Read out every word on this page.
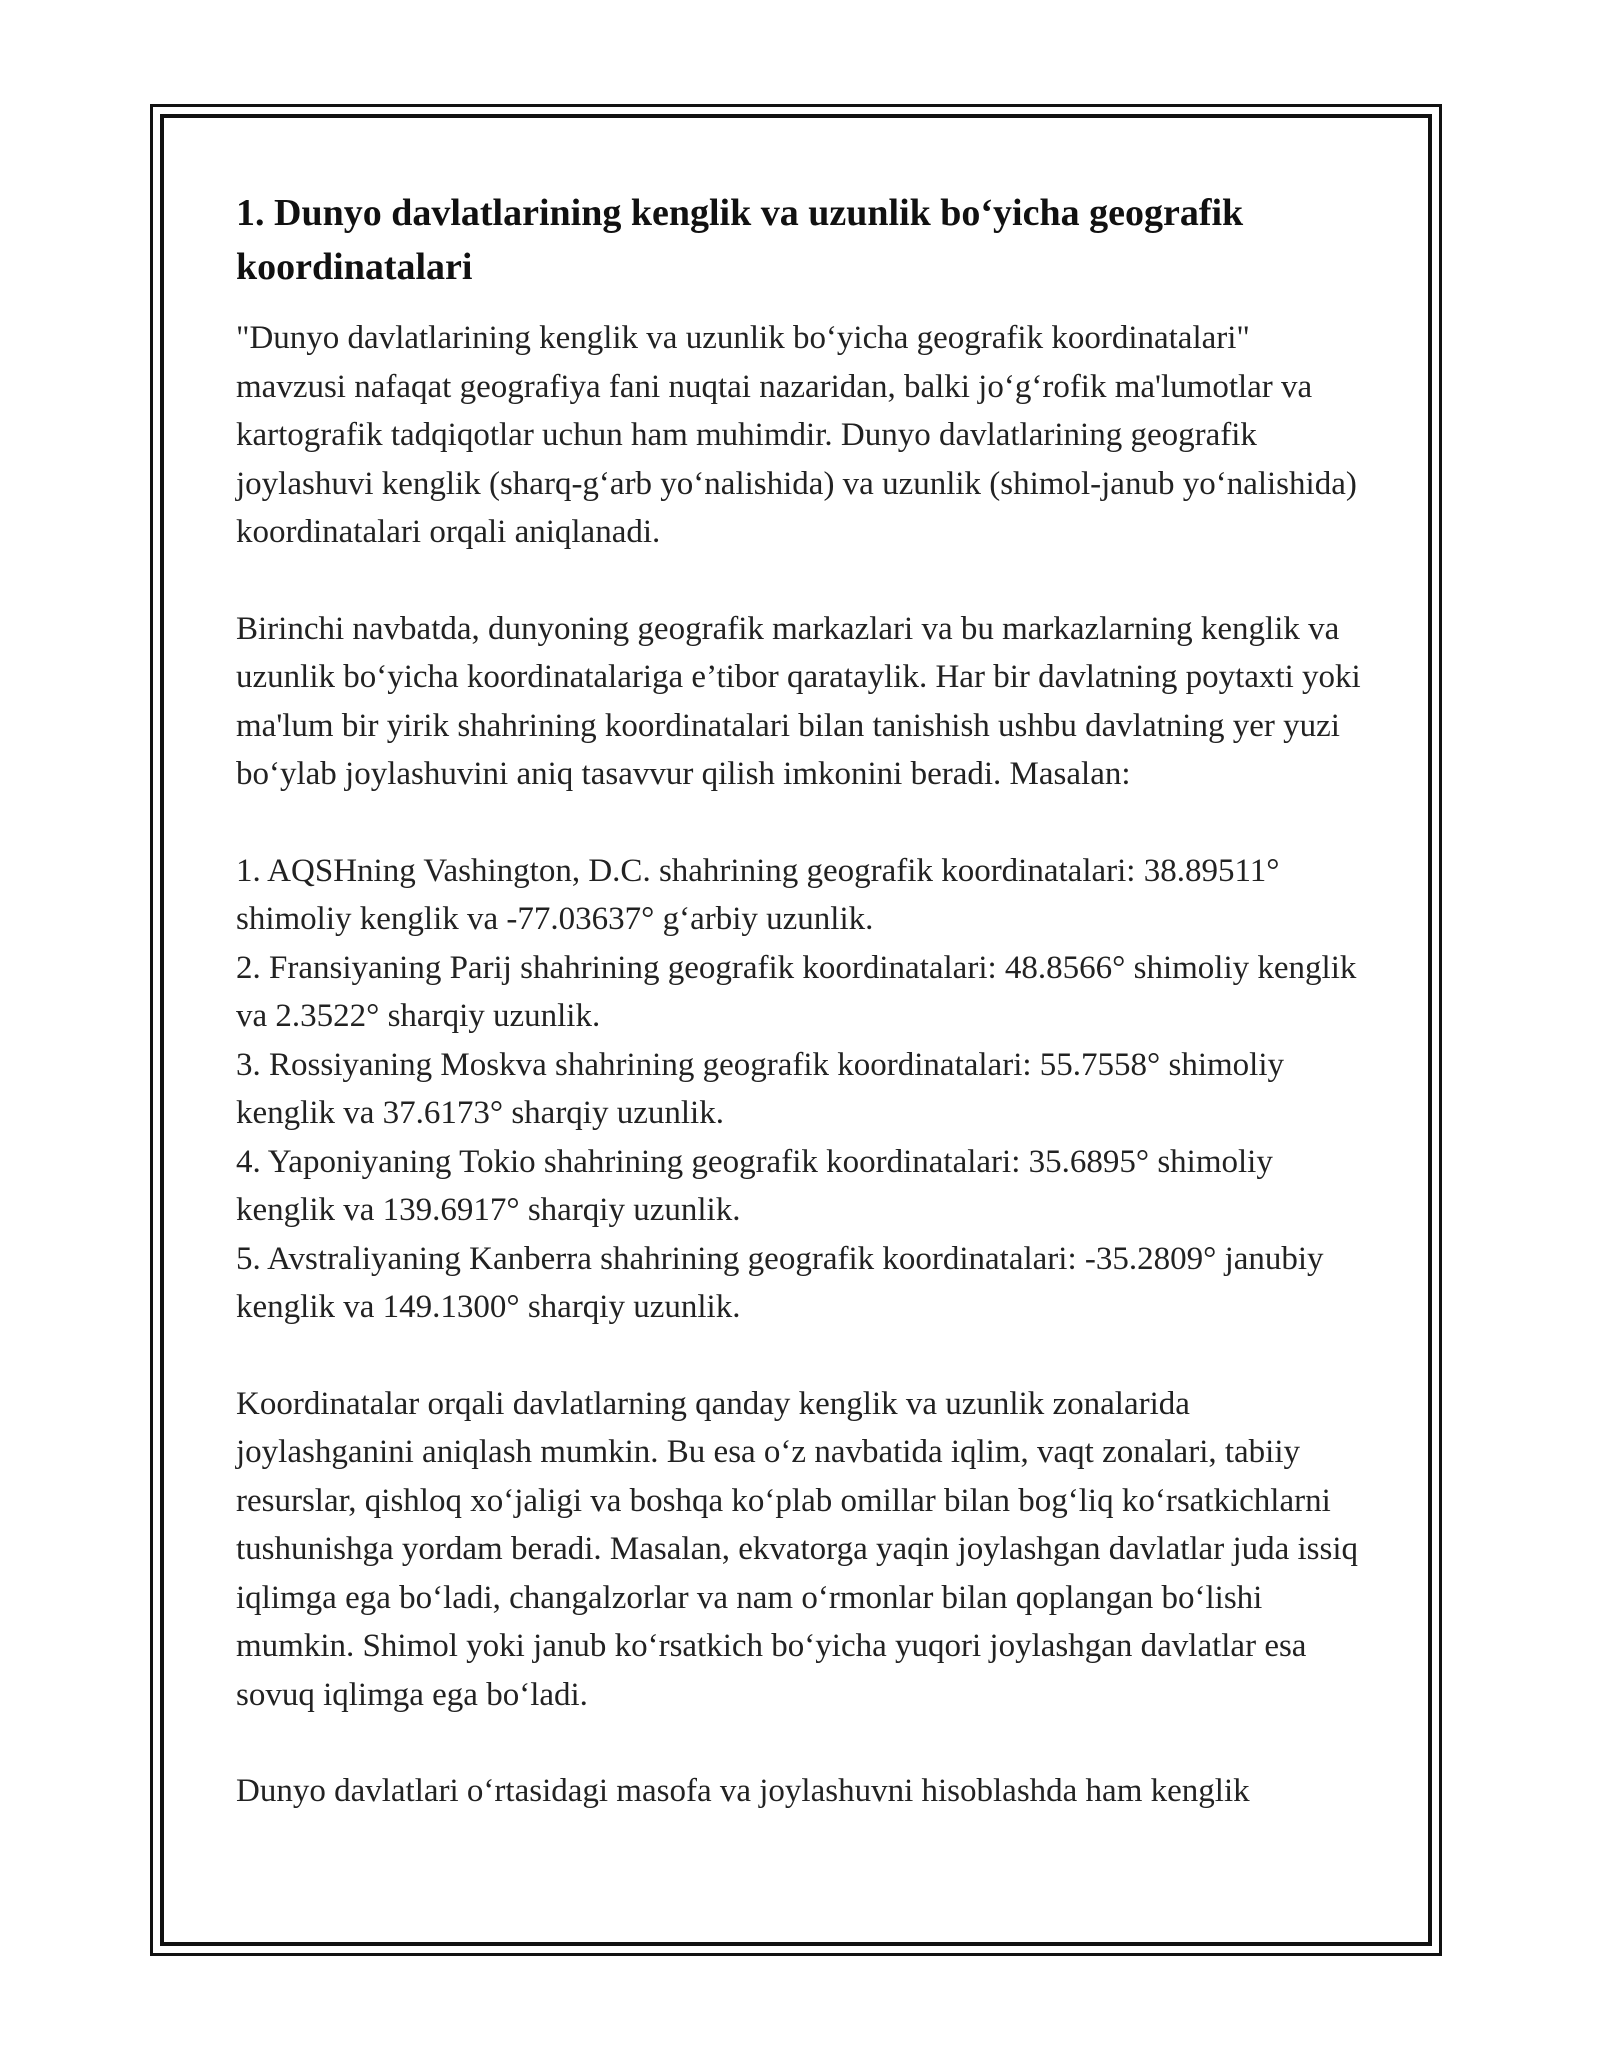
1. Dunyo davlatlarining kenglik va uzunlik bo‘yicha geografik koordinatalari

"Dunyo davlatlarining kenglik va uzunlik bo‘yicha geografik koordinatalari" mavzusi nafaqat geografiya fani nuqtai nazaridan, balki jo‘g‘rofik ma'lumotlar va kartografik tadqiqotlar uchun ham muhimdir. Dunyo davlatlarining geografik joylashuvi kenglik (sharq-g‘arb yo‘nalishida) va uzunlik (shimol-janub yo‘nalishida) koordinatalari orqali aniqlanadi.

Birinchi navbatda, dunyoning geografik markazlari va bu markazlarning kenglik va uzunlik bo‘yicha koordinatalariga e’tibor qarataylik. Har bir davlatning poytaxti yoki ma'lum bir yirik shahrining koordinatalari bilan tanishish ushbu davlatning yer yuzi bo‘ylab joylashuvini aniq tasavvur qilish imkonini beradi. Masalan:

1. AQSHning Vashington, D.C. shahrining geografik koordinatalari: 38.89511° shimoliy kenglik va -77.03637° g‘arbiy uzunlik.
2. Fransiyaning Parij shahrining geografik koordinatalari: 48.8566° shimoliy kenglik va 2.3522° sharqiy uzunlik.
3. Rossiyaning Moskva shahrining geografik koordinatalari: 55.7558° shimoliy kenglik va 37.6173° sharqiy uzunlik.
4. Yaponiyaning Tokio shahrining geografik koordinatalari: 35.6895° shimoliy kenglik va 139.6917° sharqiy uzunlik.
5. Avstraliyaning Kanberra shahrining geografik koordinatalari: -35.2809° janubiy kenglik va 149.1300° sharqiy uzunlik.

Koordinatalar orqali davlatlarning qanday kenglik va uzunlik zonalarida joylashganini aniqlash mumkin. Bu esa o‘z navbatida iqlim, vaqt zonalari, tabiiy resurslar, qishloq xo‘jaligi va boshqa ko‘plab omillar bilan bog‘liq ko‘rsatkichlarni tushunishga yordam beradi. Masalan, ekvatorga yaqin joylashgan davlatlar juda issiq iqlimga ega bo‘ladi, changalzorlar va nam o‘rmonlar bilan qoplangan bo‘lishi mumkin. Shimol yoki janub ko‘rsatkich bo‘yicha yuqori joylashgan davlatlar esa sovuq iqlimga ega bo‘ladi.

Dunyo davlatlari o‘rtasidagi masofa va joylashuvni hisoblashda ham kenglik
